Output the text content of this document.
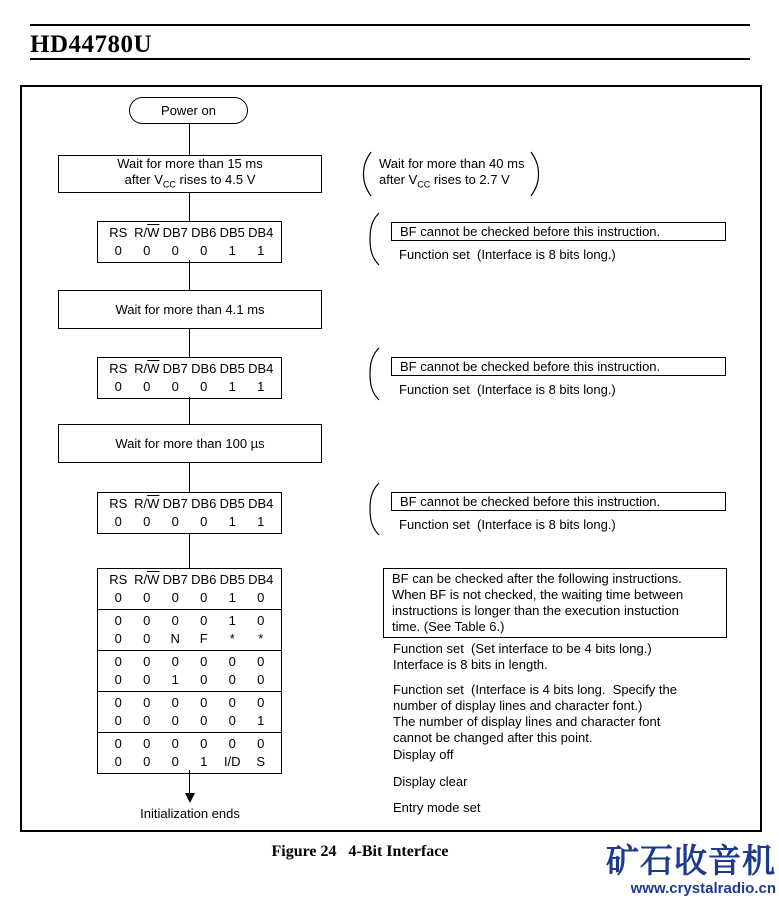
HD44780U
Power on
Wait for more than 15 ms
after $V_{CC}$ rises to 4.5 V
RS $R/\overline{W}$ DB7 DB6 DB5 DB4
0	0	0	0	1	1
Wait for more than 4.1 ms
RS $R/\overline{W}$ DB7 DB6 DB5 DB4
0	0	0	0	1	1
Wait for more than 100 µs
RS $R/\overline{W}$ DB7 DB6 DB5 DB4
0	0	0	0	1	1
RS $R/\overline{W}$ DB7 DB6 DB5 DB4
0	0	0	0	1	0
0	0	0	0	1	0
0	0	N	F	*	*
0	0	0	0	0	0
0	0	1	0	0	0
0	0	0	0	0	0
0	0	0	0	0	1
0	0	0	0	0	0
0	0	0	1	I/D	S
Initialization ends
Wait for more than 40 ms
after $V_{CC}$ rises to 2.7 V
BF cannot be checked before this instruction.
Function set  (Interface is 8 bits long.)
BF cannot be checked before this instruction.
Function set  (Interface is 8 bits long.)
BF cannot be checked before this instruction.
Function set  (Interface is 8 bits long.)
BF can be checked after the following instructions.
When BF is not checked, the waiting time between
instructions is longer than the execution instuction
time. (See Table 6.)
Function set  (Set interface to be 4 bits long.)
Interface is 8 bits in length.
Function set  (Interface is 4 bits long.  Specify the
number of display lines and character font.)
The number of display lines and character font
cannot be changed after this point.
Display off
Display clear
Entry mode set
Figure 24   4-Bit Interface	矿石收音机
www.crystalradio.cn
